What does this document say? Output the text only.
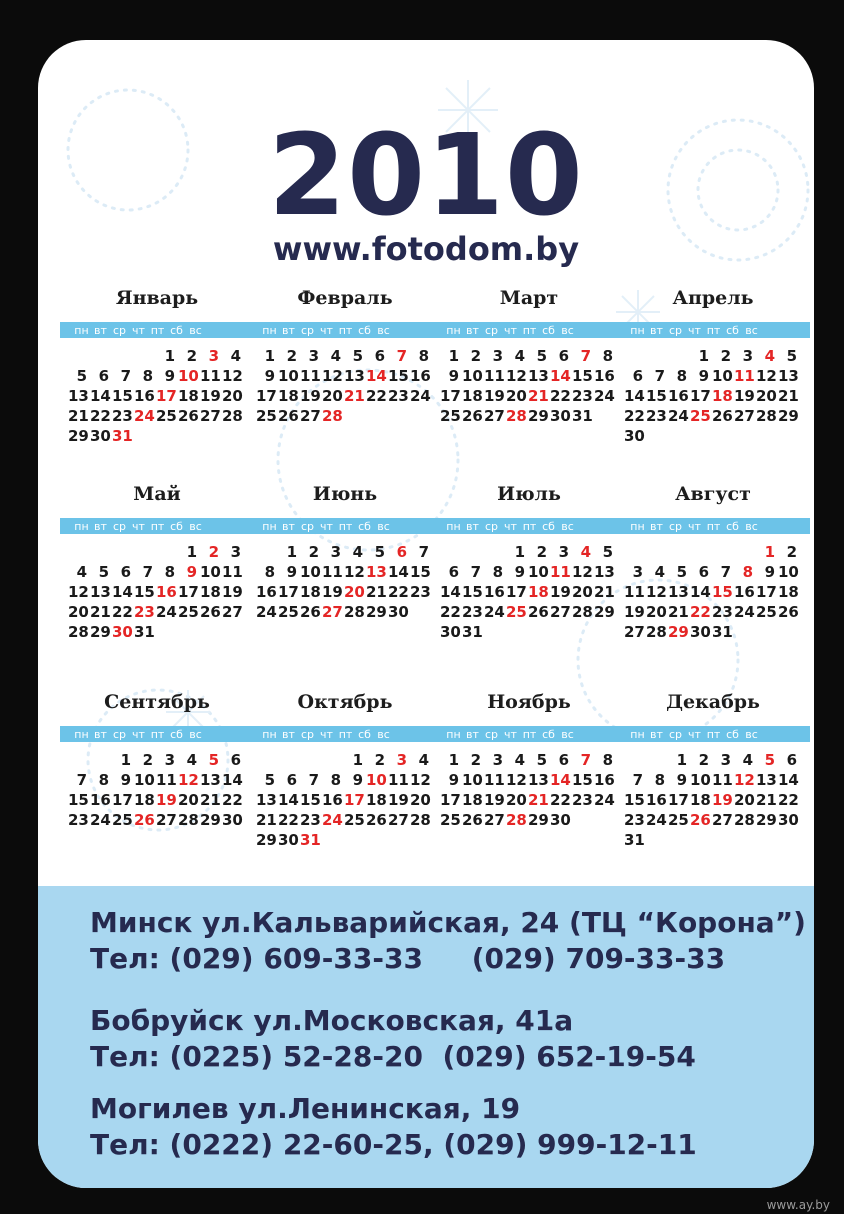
2010
www.fotodom.by
Январь
пн вт ср чт пт сб вс
1 2 3 4
5 6 7 8 9 10 11 12
13 14 15 16 17 18 19 20
21 22 23 24 25 26 27 28
29 30 31
Февраль
пн вт ср чт пт сб вс
1 2 3 4 5 6 7 8
9 10 11 12 13 14 15 16
17 18 19 20 21 22 23 24
25 26 27 28
Март
пн вт ср чт пт сб вс
1 2 3 4 5 6 7 8
9 10 11 12 13 14 15 16
17 18 19 20 21 22 23 24
25 26 27 28 29 30 31
Апрель
пн вт ср чт пт сб вс
1 2 3 4 5
6 7 8 9 10 11 12 13
14 15 16 17 18 19 20 21
22 23 24 25 26 27 28 29
30
Май
пн вт ср чт пт сб вс
1 2 3
4 5 6 7 8 9 10 11
12 13 14 15 16 17 18 19
20 21 22 23 24 25 26 27
28 29 30 31
Июнь
пн вт ср чт пт сб вс
1 2 3 4 5 6 7
8 9 10 11 12 13 14 15
16 17 18 19 20 21 22 23
24 25 26 27 28 29 30
Июль
пн вт ср чт пт сб вс
1 2 3 4 5
6 7 8 9 10 11 12 13
14 15 16 17 18 19 20 21
22 23 24 25 26 27 28 29
30 31
Август
пн вт ср чт пт сб вс
1 2
3 4 5 6 7 8 9 10
11 12 13 14 15 16 17 18
19 20 21 22 23 24 25 26
27 28 29 30 31
Сентябрь
пн вт ср чт пт сб вс
1 2 3 4 5 6
7 8 9 10 11 12 13 14
15 16 17 18 19 20 21 22
23 24 25 26 27 28 29 30
Октябрь
пн вт ср чт пт сб вс
1 2 3 4
5 6 7 8 9 10 11 12
13 14 15 16 17 18 19 20
21 22 23 24 25 26 27 28
29 30 31
Ноябрь
пн вт ср чт пт сб вс
1 2 3 4 5 6 7 8
9 10 11 12 13 14 15 16
17 18 19 20 21 22 23 24
25 26 27 28 29 30
Декабрь
пн вт ср чт пт сб вс
1 2 3 4 5 6
7 8 9 10 11 12 13 14
15 16 17 18 19 20 21 22
23 24 25 26 27 28 29 30
31
Минск ул.Кальварийская, 24 (ТЦ “Корона”)
Тел: (029) 609-33-33     (029) 709-33-33
Бобруйск ул.Московская, 41а
Тел: (0225) 52-28-20  (029) 652-19-54
Могилев ул.Ленинская, 19
Тел: (0222) 22-60-25, (029) 999-12-11
www.ay.by
